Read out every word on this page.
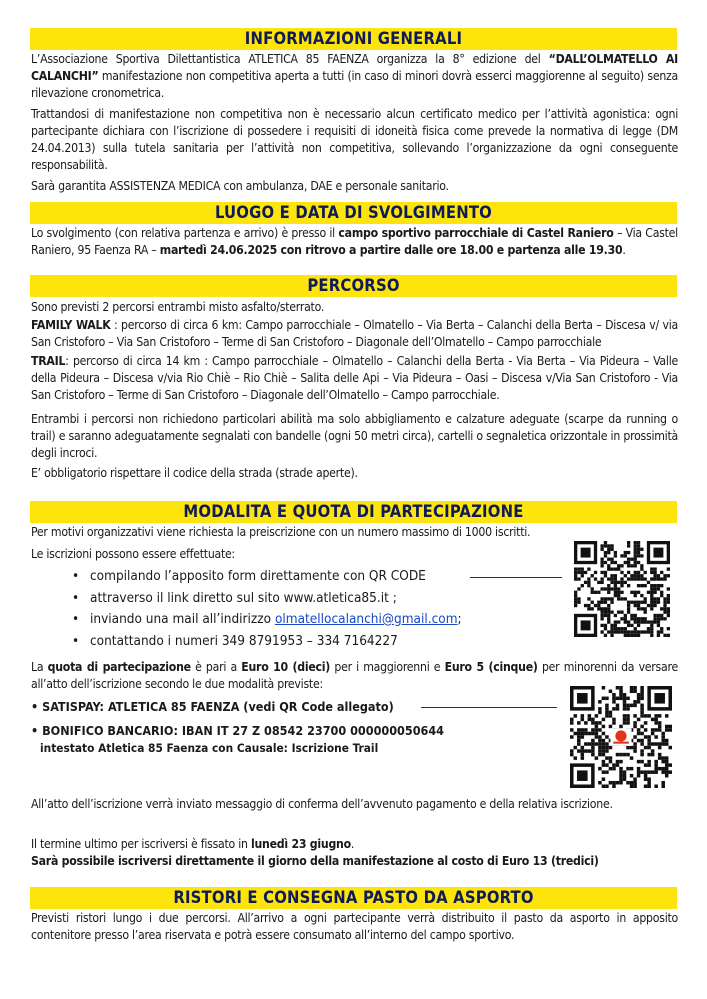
INFORMAZIONI GENERALI
L’Associazione Sportiva Dilettantistica ATLETICA 85 FAENZA organizza la 8° edizione del “DALL’OLMATELLO AI CALANCHI” manifestazione non competitiva aperta a tutti (in caso di minori dovrà esserci maggiorenne al seguito) senza rilevazione cronometrica.
Trattandosi di manifestazione non competitiva non è necessario alcun certificato medico per l’attività agonistica: ogni partecipante dichiara con l’iscrizione di possedere i requisiti di idoneità fisica come prevede la normativa di legge (DM 24.04.2013) sulla tutela sanitaria per l’attività non competitiva, sollevando l’organizzazione da ogni conseguente responsabilità.
Sarà garantita ASSISTENZA MEDICA con ambulanza, DAE e personale sanitario.
LUOGO E DATA DI SVOLGIMENTO
Lo svolgimento (con relativa partenza e arrivo) è presso il campo sportivo parrocchiale di Castel Raniero – Via Castel Raniero, 95 Faenza RA – martedì 24.06.2025 con ritrovo a partire dalle ore 18.00 e partenza alle 19.30.
PERCORSO
Sono previsti 2 percorsi entrambi misto asfalto/sterrato.
FAMILY WALK : percorso di circa 6 km: Campo parrocchiale – Olmatello – Via Berta – Calanchi della Berta – Discesa v/ via San Cristoforo – Via San Cristoforo – Terme di San Cristoforo – Diagonale dell’Olmatello – Campo parrocchiale
TRAIL: percorso di circa 14 km : Campo parrocchiale – Olmatello – Calanchi della Berta - Via Berta – Via Pideura – Valle della Pideura – Discesa v/via Rio Chiè – Rio Chiè – Salita delle Api – Via Pideura – Oasi – Discesa v/Via San Cristoforo - Via San Cristoforo – Terme di San Cristoforo – Diagonale dell’Olmatello – Campo parrocchiale.
Entrambi i percorsi non richiedono particolari abilità ma solo abbigliamento e calzature adeguate (scarpe da running o trail) e saranno adeguatamente segnalati con bandelle (ogni 50 metri circa), cartelli o segnaletica orizzontale in prossimità degli incroci.
E’ obbligatorio rispettare il codice della strada (strade aperte).
MODALITA E QUOTA DI PARTECIPAZIONE
Per motivi organizzativi viene richiesta la preiscrizione con un numero massimo di 1000 iscritti.
Le iscrizioni possono essere effettuate:
• compilando l’apposito form direttamente con QR CODE
• attraverso il link diretto sul sito www.atletica85.it ;
• inviando una mail all’indirizzo olmatellocalanchi@gmail.com;
• contattando i numeri 349 8791953 – 334 7164227
La quota di partecipazione è pari a Euro 10 (dieci) per i maggiorenni e Euro 5 (cinque) per minorenni da versare all’atto dell’iscrizione secondo le due modalità previste:
• SATISPAY: ATLETICA 85 FAENZA (vedi QR Code allegato)
• BONIFICO BANCARIO: IBAN IT 27 Z 08542 23700 000000050644
intestato Atletica 85 Faenza con Causale: Iscrizione Trail
All’atto dell’iscrizione verrà inviato messaggio di conferma dell’avvenuto pagamento e della relativa iscrizione.
Il termine ultimo per iscriversi è fissato in lunedì 23 giugno.
Sarà possibile iscriversi direttamente il giorno della manifestazione al costo di Euro 13 (tredici)
RISTORI E CONSEGNA PASTO DA ASPORTO
Previsti ristori lungo i due percorsi. All’arrivo a ogni partecipante verrà distribuito il pasto da asporto in apposito contenitore presso l’area riservata e potrà essere consumato all’interno del campo sportivo.
